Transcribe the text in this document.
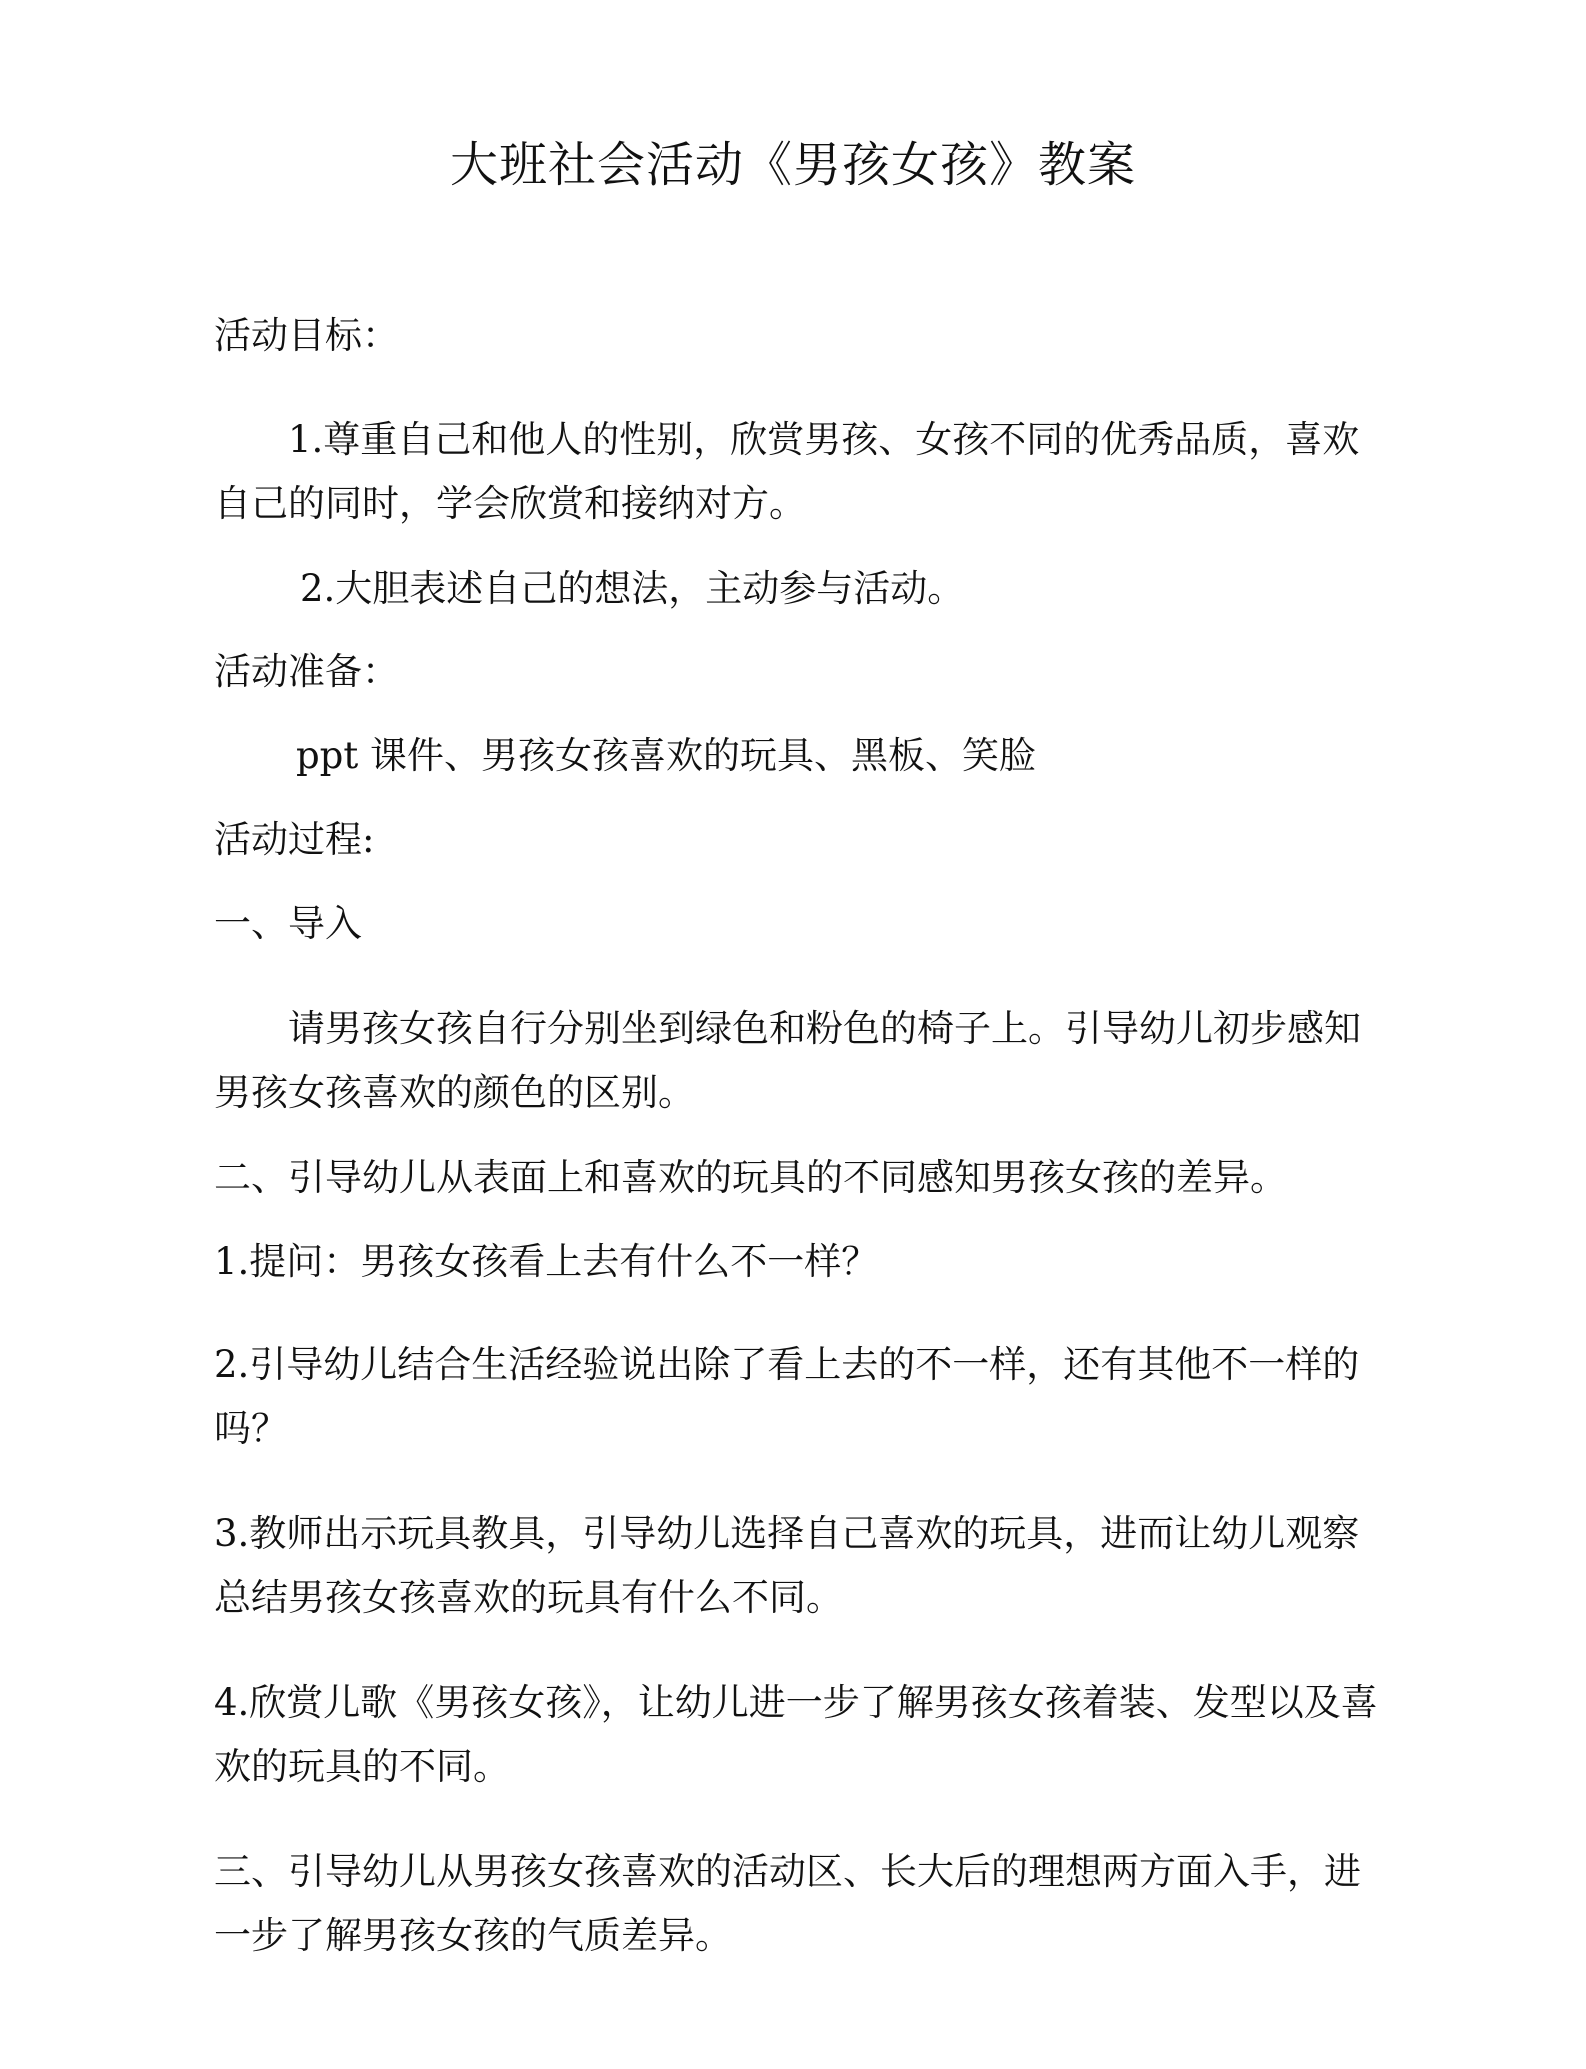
大班社会活动《男孩女孩》教案

活动目标：

1.尊重自己和他人的性别，欣赏男孩、女孩不同的优秀品质，喜欢自己的同时，学会欣赏和接纳对方。

2.大胆表述自己的想法，主动参与活动。

活动准备：

ppt 课件、男孩女孩喜欢的玩具、黑板、笑脸

活动过程:

一、导入

请男孩女孩自行分别坐到绿色和粉色的椅子上。引导幼儿初步感知男孩女孩喜欢的颜色的区别。

二、引导幼儿从表面上和喜欢的玩具的不同感知男孩女孩的差异。

1.提问：男孩女孩看上去有什么不一样？

2.引导幼儿结合生活经验说出除了看上去的不一样，还有其他不一样的吗？

3.教师出示玩具教具，引导幼儿选择自己喜欢的玩具，进而让幼儿观察总结男孩女孩喜欢的玩具有什么不同。

4.欣赏儿歌《男孩女孩》，让幼儿进一步了解男孩女孩着装、发型以及喜欢的玩具的不同。

三、引导幼儿从男孩女孩喜欢的活动区、长大后的理想两方面入手，进一步了解男孩女孩的气质差异。
